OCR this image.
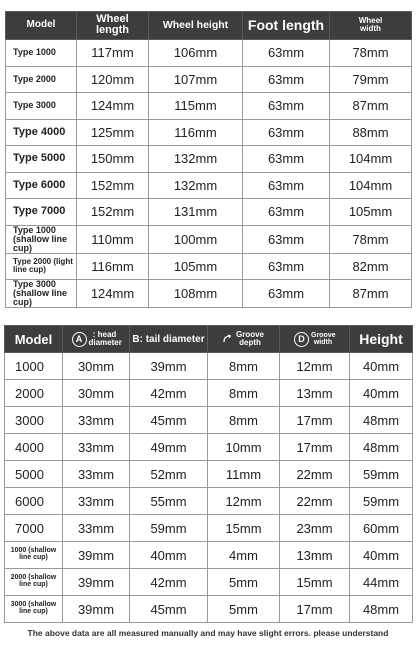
Model	Wheel length	Wheel height	Foot length	Wheel width
Type 1000	117mm	106mm	63mm	78mm
Type 2000	120mm	107mm	63mm	79mm
Type 3000	124mm	115mm	63mm	87mm
Type 4000	125mm	116mm	63mm	88mm
Type 5000	150mm	132mm	63mm	104mm
Type 6000	152mm	132mm	63mm	104mm
Type 7000	152mm	131mm	63mm	105mm
Type 1000 (shallow line cup)	110mm	100mm	63mm	78mm
Type 2000 (light line cup)	116mm	105mm	63mm	82mm
Type 3000 (shallow line cup)	124mm	108mm	63mm	87mm
Model	A : head diameter	B: tail diameter	Groove depth	D Groove width	Height
1000	30mm	39mm	8mm	12mm	40mm
2000	30mm	42mm	8mm	13mm	40mm
3000	33mm	45mm	8mm	17mm	48mm
4000	33mm	49mm	10mm	17mm	48mm
5000	33mm	52mm	11mm	22mm	59mm
6000	33mm	55mm	12mm	22mm	59mm
7000	33mm	59mm	15mm	23mm	60mm
1000 (shallow line cup)	39mm	40mm	4mm	13mm	40mm
2000 (shallow line cup)	39mm	42mm	5mm	15mm	44mm
3000 (shallow line cup)	39mm	45mm	5mm	17mm	48mm
The above data are all measured manually and may have slight errors. please understand
